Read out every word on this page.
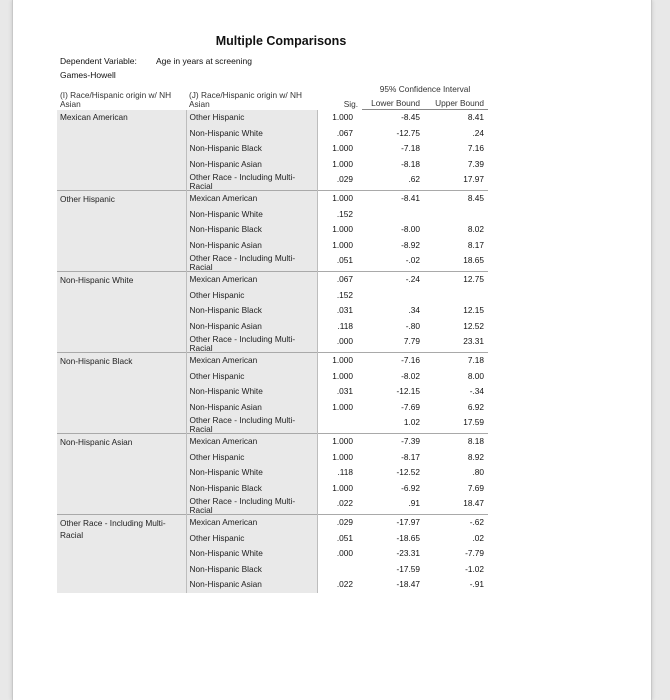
Multiple Comparisons
Dependent Variable: Age in years at screening
Games-Howell
(I) Race/Hispanic origin w/ NH Asian	(J) Race/Hispanic origin w/ NH Asian	Sig.	95% Confidence Interval	
			Lower Bound	Upper Bound
Mexican American	Other Hispanic	1.000	-8.45	8.41
	Non-Hispanic White	.067	-12.75	.24
	Non-Hispanic Black	1.000	-7.18	7.16
	Non-Hispanic Asian	1.000	-8.18	7.39
	Other Race - Including Multi-Racial	.029	.62	17.97
Other Hispanic	Mexican American	1.000	-8.41	8.45
	Non-Hispanic White	.152		
	Non-Hispanic Black	1.000	-8.00	8.02
	Non-Hispanic Asian	1.000	-8.92	8.17
	Other Race - Including Multi-Racial	.051	-.02	18.65
Non-Hispanic White	Mexican American	.067	-.24	12.75
	Other Hispanic	.152		
	Non-Hispanic Black	.031	.34	12.15
	Non-Hispanic Asian	.118	-.80	12.52
	Other Race - Including Multi-Racial	.000	7.79	23.31
Non-Hispanic Black	Mexican American	1.000	-7.16	7.18
	Other Hispanic	1.000	-8.02	8.00
	Non-Hispanic White	.031	-12.15	-.34
	Non-Hispanic Asian	1.000	-7.69	6.92
	Other Race - Including Multi-Racial		1.02	17.59
Non-Hispanic Asian	Mexican American	1.000	-7.39	8.18
	Other Hispanic	1.000	-8.17	8.92
	Non-Hispanic White	.118	-12.52	.80
	Non-Hispanic Black	1.000	-6.92	7.69
	Other Race - Including Multi-Racial	.022	.91	18.47
Other Race - Including Multi-Racial	Mexican American	.029	-17.97	-.62
	Other Hispanic	.051	-18.65	.02
	Non-Hispanic White	.000	-23.31	-7.79
	Non-Hispanic Black		-17.59	-1.02
	Non-Hispanic Asian	.022	-18.47	-.91
